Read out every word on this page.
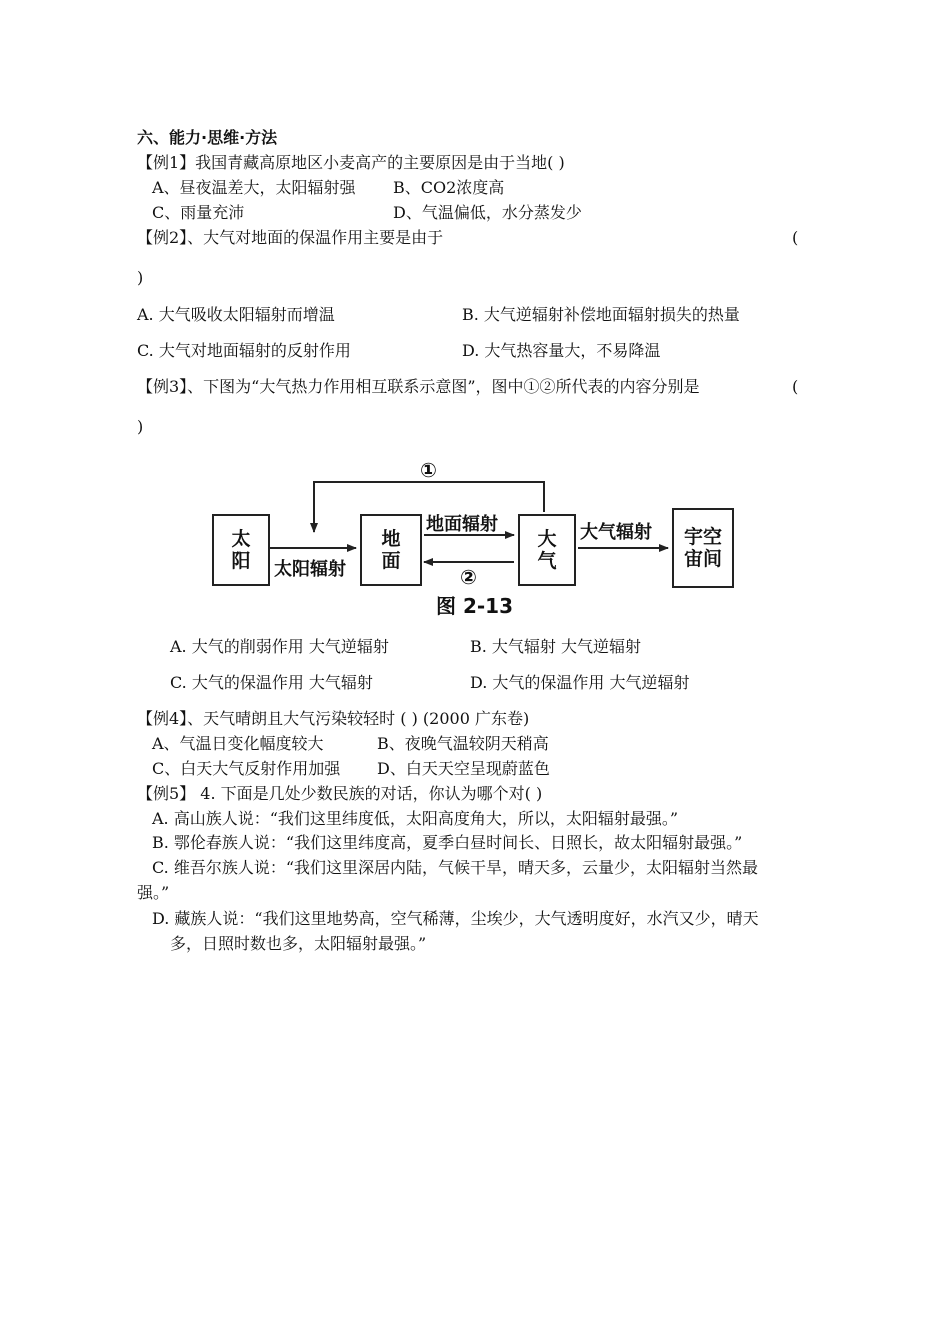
六、能力·思维·方法
【例1】我国青藏高原地区小麦高产的主要原因是由于当地( )
A、昼夜温差大，太阳辐射强 B、CO2浓度高
C、雨量充沛	D、气温偏低，水分蒸发少
【例2】、大气对地面的保温作用主要是由于	(
)
A. 大气吸收太阳辐射而增温	B. 大气逆辐射补偿地面辐射损失的热量
C. 大气对地面辐射的反射作用	D. 大气热容量大，不易降温
【例3】、下图为“大气热力作用相互联系示意图”，图中①②所代表的内容分别是	(
)
太阳
地面
大气
宇空宙间
①
太阳辐射
地面辐射
②
大气辐射
图 2-13
A. 大气的削弱作用 大气逆辐射	B. 大气辐射 大气逆辐射
C. 大气的保温作用 大气辐射	D. 大气的保温作用 大气逆辐射
【例4】、天气晴朗且大气污染较轻时 ( ) (2000 广东卷)
A、气温日变化幅度较大	B、夜晚气温较阴天稍高
C、白天大气反射作用加强 D、白天天空呈现蔚蓝色
【例5】 4. 下面是几处少数民族的对话，你认为哪个对( )
A. 高山族人说：“我们这里纬度低，太阳高度角大，所以，太阳辐射最强。”
B. 鄂伦春族人说：“我们这里纬度高，夏季白昼时间长、日照长，故太阳辐射最强。”
C. 维吾尔族人说：“我们这里深居内陆，气候干旱，晴天多，云量少，太阳辐射当然最
强。”
D. 藏族人说：“我们这里地势高，空气稀薄，尘埃少，大气透明度好，水汽又少，晴天
多，日照时数也多，太阳辐射最强。”
